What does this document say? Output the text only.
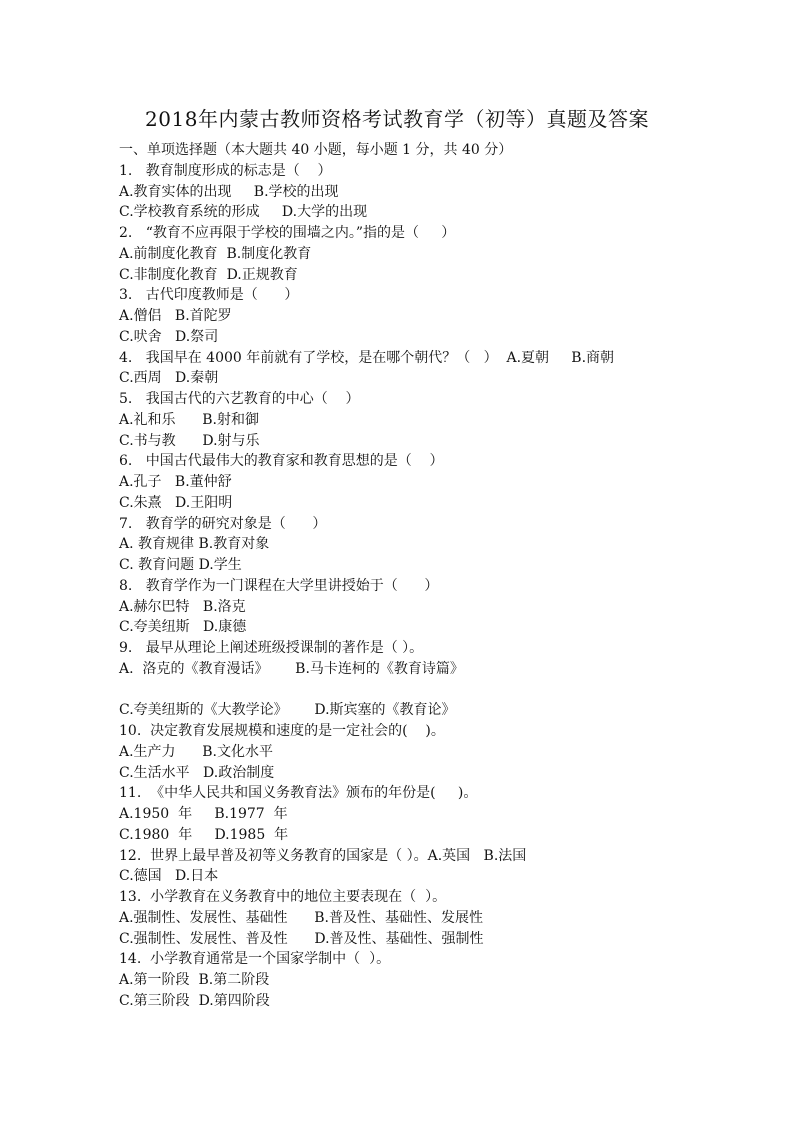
2018年内蒙古教师资格考试教育学（初等）真题及答案
一、单项选择题（本大题共 40 小题，每小题 1 分，共 40 分）
1.   教育制度形成的标志是（    ）
A.教育实体的出现     B.学校的出现
C.学校教育系统的形成     D.大学的出现
2.   “教育不应再限于学校的围墙之内。”指的是（     ）
A.前制度化教育  B.制度化教育
C.非制度化教育  D.正规教育
3.   古代印度教师是（      ）
A.僧侣   B.首陀罗
C.吠舍   D.祭司
4.   我国早在 4000 年前就有了学校，是在哪个朝代？（   ）  A.夏朝     B.商朝
C.西周   D.秦朝
5.   我国古代的六艺教育的中心（    ）
A.礼和乐      B.射和御
C.书与教      D.射与乐
6.   中国古代最伟大的教育家和教育思想的是（    ）
A.孔子   B.董仲舒
C.朱熹   D.王阳明
7.   教育学的研究对象是（      ）
A. 教育规律 B.教育对象
C. 教育问题 D.学生
8.   教育学作为一门课程在大学里讲授始于（      ）
A.赫尔巴特   B.洛克
C.夸美纽斯   D.康德
9.   最早从理论上阐述班级授课制的著作是（ ）。
A.  洛克的《教育漫话》      B.马卡连柯的《教育诗篇》
C.夸美纽斯的《大教学论》      D.斯宾塞的《教育论》
10.  决定教育发展规模和速度的是一定社会的(    )。
A.生产力      B.文化水平
C.生活水平   D.政治制度
11.  《中华人民共和国义务教育法》颁布的年份是(     )。
A.1950  年     B.1977  年
C.1980  年     D.1985  年
12.  世界上最早普及初等义务教育的国家是（ ）。A.英国   B.法国
C.德国   D.日本
13.  小学教育在义务教育中的地位主要表现在（  ）。
A.强制性、发展性、基础性      B.普及性、基础性、发展性
C.强制性、发展性、普及性      D.普及性、基础性、强制性
14.  小学教育通常是一个国家学制中（  ）。
A.第一阶段  B.第二阶段
C.第三阶段  D.第四阶段
